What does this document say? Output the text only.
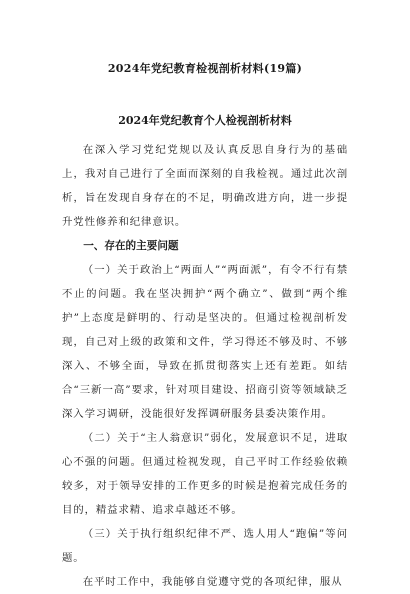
2024年党纪教育检视剖析材料(19篇)
2024年党纪教育个人检视剖析材料

在深入学习党纪党规以及认真反思自身行为的基础上，我对自己进行了全面而深刻的自我检视。通过此次剖析，旨在发现自身存在的不足，明确改进方向，进一步提升党性修养和纪律意识。

一、存在的主要问题

（一）关于政治上“两面人”“两面派”，有令不行有禁不止的问题。我在坚决拥护“两个确立”、做到“两个维护”上态度是鲜明的、行动是坚决的。但通过检视剖析发现，自己对上级的政策和文件，学习得还不够及时、不够深入、不够全面，导致在抓贯彻落实上还有差距。如结合“三新一高”要求，针对项目建设、招商引资等领域缺乏深入学习调研，没能很好发挥调研服务县委决策作用。

（二）关于“主人翁意识”弱化，发展意识不足，进取心不强的问题。但通过检视发现，自己平时工作经验依赖较多，对于领导安排的工作更多的时候是抱着完成任务的目的，精益求精、追求卓越还不够。

（三）关于执行组织纪律不严、选人用人“跑偏”等问题。

在平时工作中，我能够自觉遵守党的各项纪律，服从
